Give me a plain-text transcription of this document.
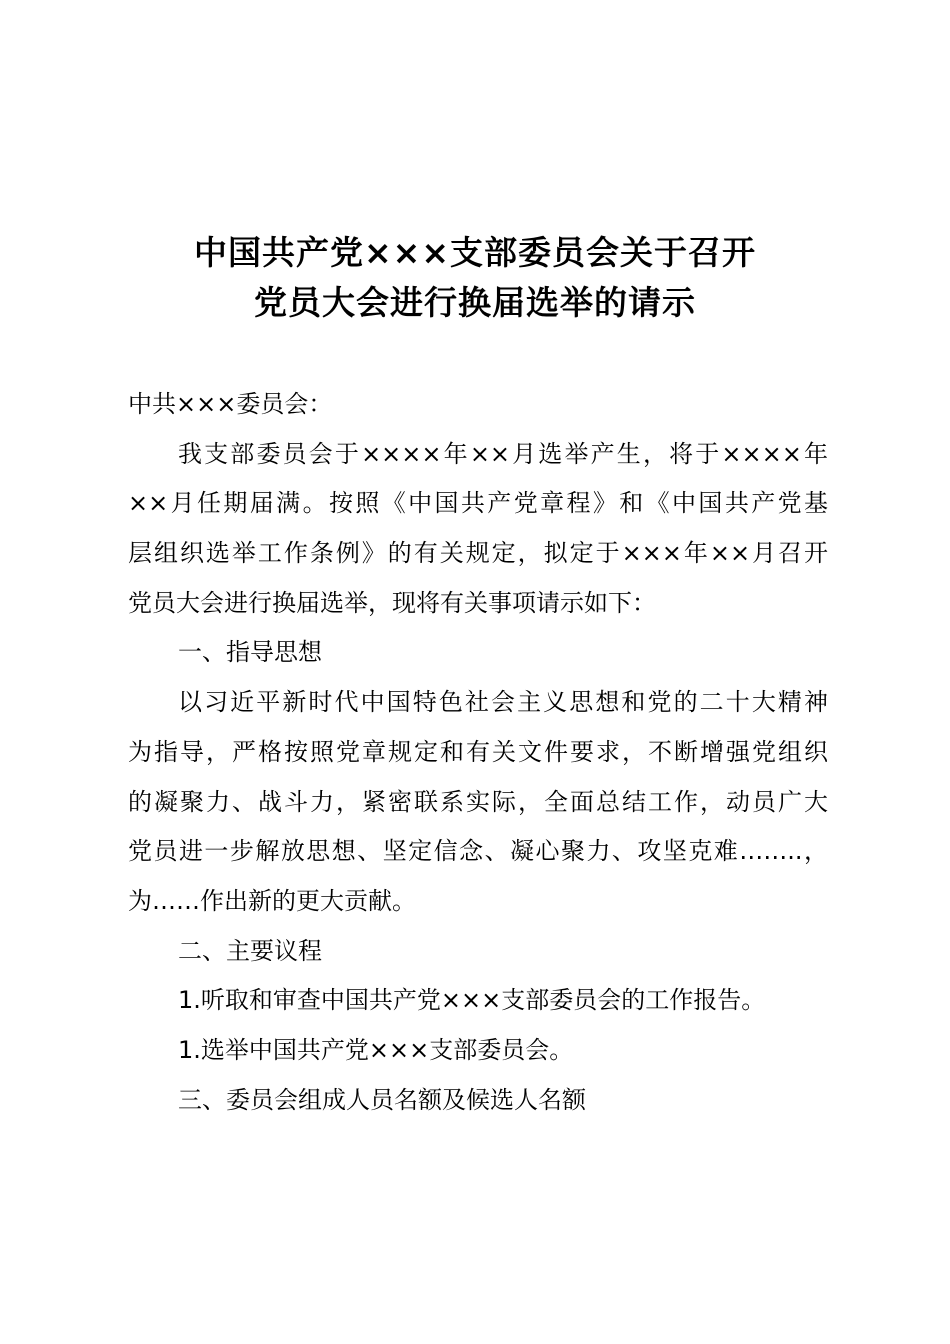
中国共产党×××支部委员会关于召开
党员大会进行换届选举的请示
中共×××委员会：
我支部委员会于××××年××月选举产生，将于××××年
××月任期届满。按照《中国共产党章程》和《中国共产党基
层组织选举工作条例》的有关规定，拟定于×××年××月召开
党员大会进行换届选举，现将有关事项请示如下：
一、指导思想
以习近平新时代中国特色社会主义思想和党的二十大精神
为指导，严格按照党章规定和有关文件要求，不断增强党组织
的凝聚力、战斗力，紧密联系实际，全面总结工作，动员广大
党员进一步解放思想、坚定信念、凝心聚力、攻坚克难……..，
为……作出新的更大贡献。
二、主要议程
1.听取和审查中国共产党×××支部委员会的工作报告。
1.选举中国共产党×××支部委员会。
三、委员会组成人员名额及候选人名额
